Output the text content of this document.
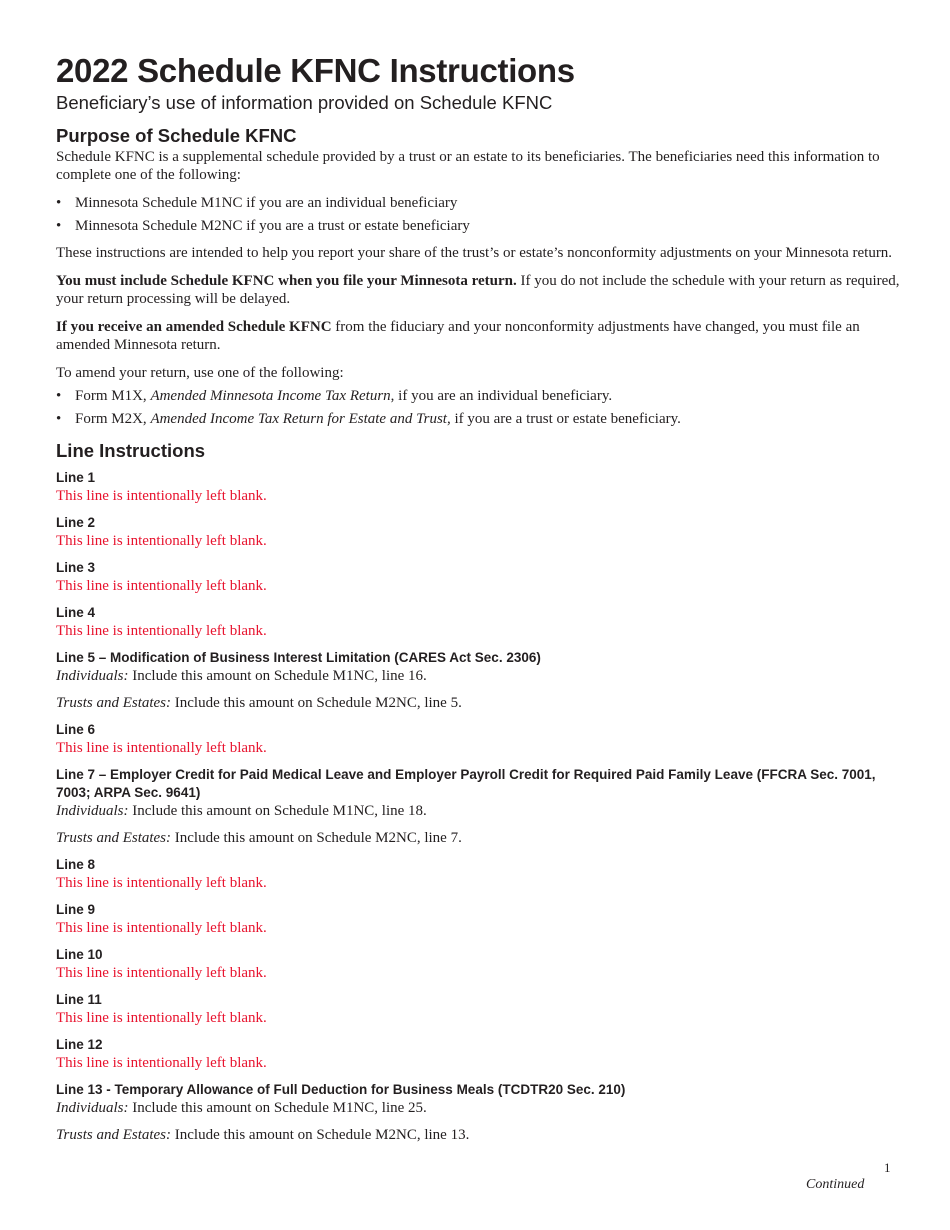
2022 Schedule KFNC Instructions
Beneficiary’s use of information provided on Schedule KFNC
Purpose of Schedule KFNC

Schedule KFNC is a supplemental schedule provided by a trust or an estate to its beneficiaries. The beneficiaries need this information to complete one of the following:

• Minnesota Schedule M1NC if you are an individual beneficiary
• Minnesota Schedule M2NC if you are a trust or estate beneficiary

These instructions are intended to help you report your share of the trust’s or estate’s nonconformity adjustments on your Minnesota return.

You must include Schedule KFNC when you file your Minnesota return. If you do not include the schedule with your return as required, your return processing will be delayed.

If you receive an amended Schedule KFNC from the fiduciary and your nonconformity adjustments have changed, you must file an amended Minnesota return.

To amend your return, use one of the following:

• Form M1X, Amended Minnesota Income Tax Return, if you are an individual beneficiary.
• Form M2X, Amended Income Tax Return for Estate and Trust, if you are a trust or estate beneficiary.
Line Instructions
Line 1
This line is intentionally left blank.
Line 2
This line is intentionally left blank.
Line 3
This line is intentionally left blank.
Line 4
This line is intentionally left blank.
Line 5 – Modification of Business Interest Limitation (CARES Act Sec. 2306)
Individuals: Include this amount on Schedule M1NC, line 16.
Trusts and Estates: Include this amount on Schedule M2NC, line 5.
Line 6
This line is intentionally left blank.
Line 7 – Employer Credit for Paid Medical Leave and Employer Payroll Credit for Required Paid Family Leave (FFCRA Sec. 7001, 7003; ARPA Sec. 9641)
Individuals: Include this amount on Schedule M1NC, line 18.
Trusts and Estates: Include this amount on Schedule M2NC, line 7.
Line 8
This line is intentionally left blank.
Line 9
This line is intentionally left blank.
Line 10
This line is intentionally left blank.
Line 11
This line is intentionally left blank.
Line 12
This line is intentionally left blank.
Line 13 - Temporary Allowance of Full Deduction for Business Meals (TCDTR20 Sec. 210)
Individuals: Include this amount on Schedule M1NC, line 25.
Trusts and Estates: Include this amount on Schedule M2NC, line 13.
1
Continued
